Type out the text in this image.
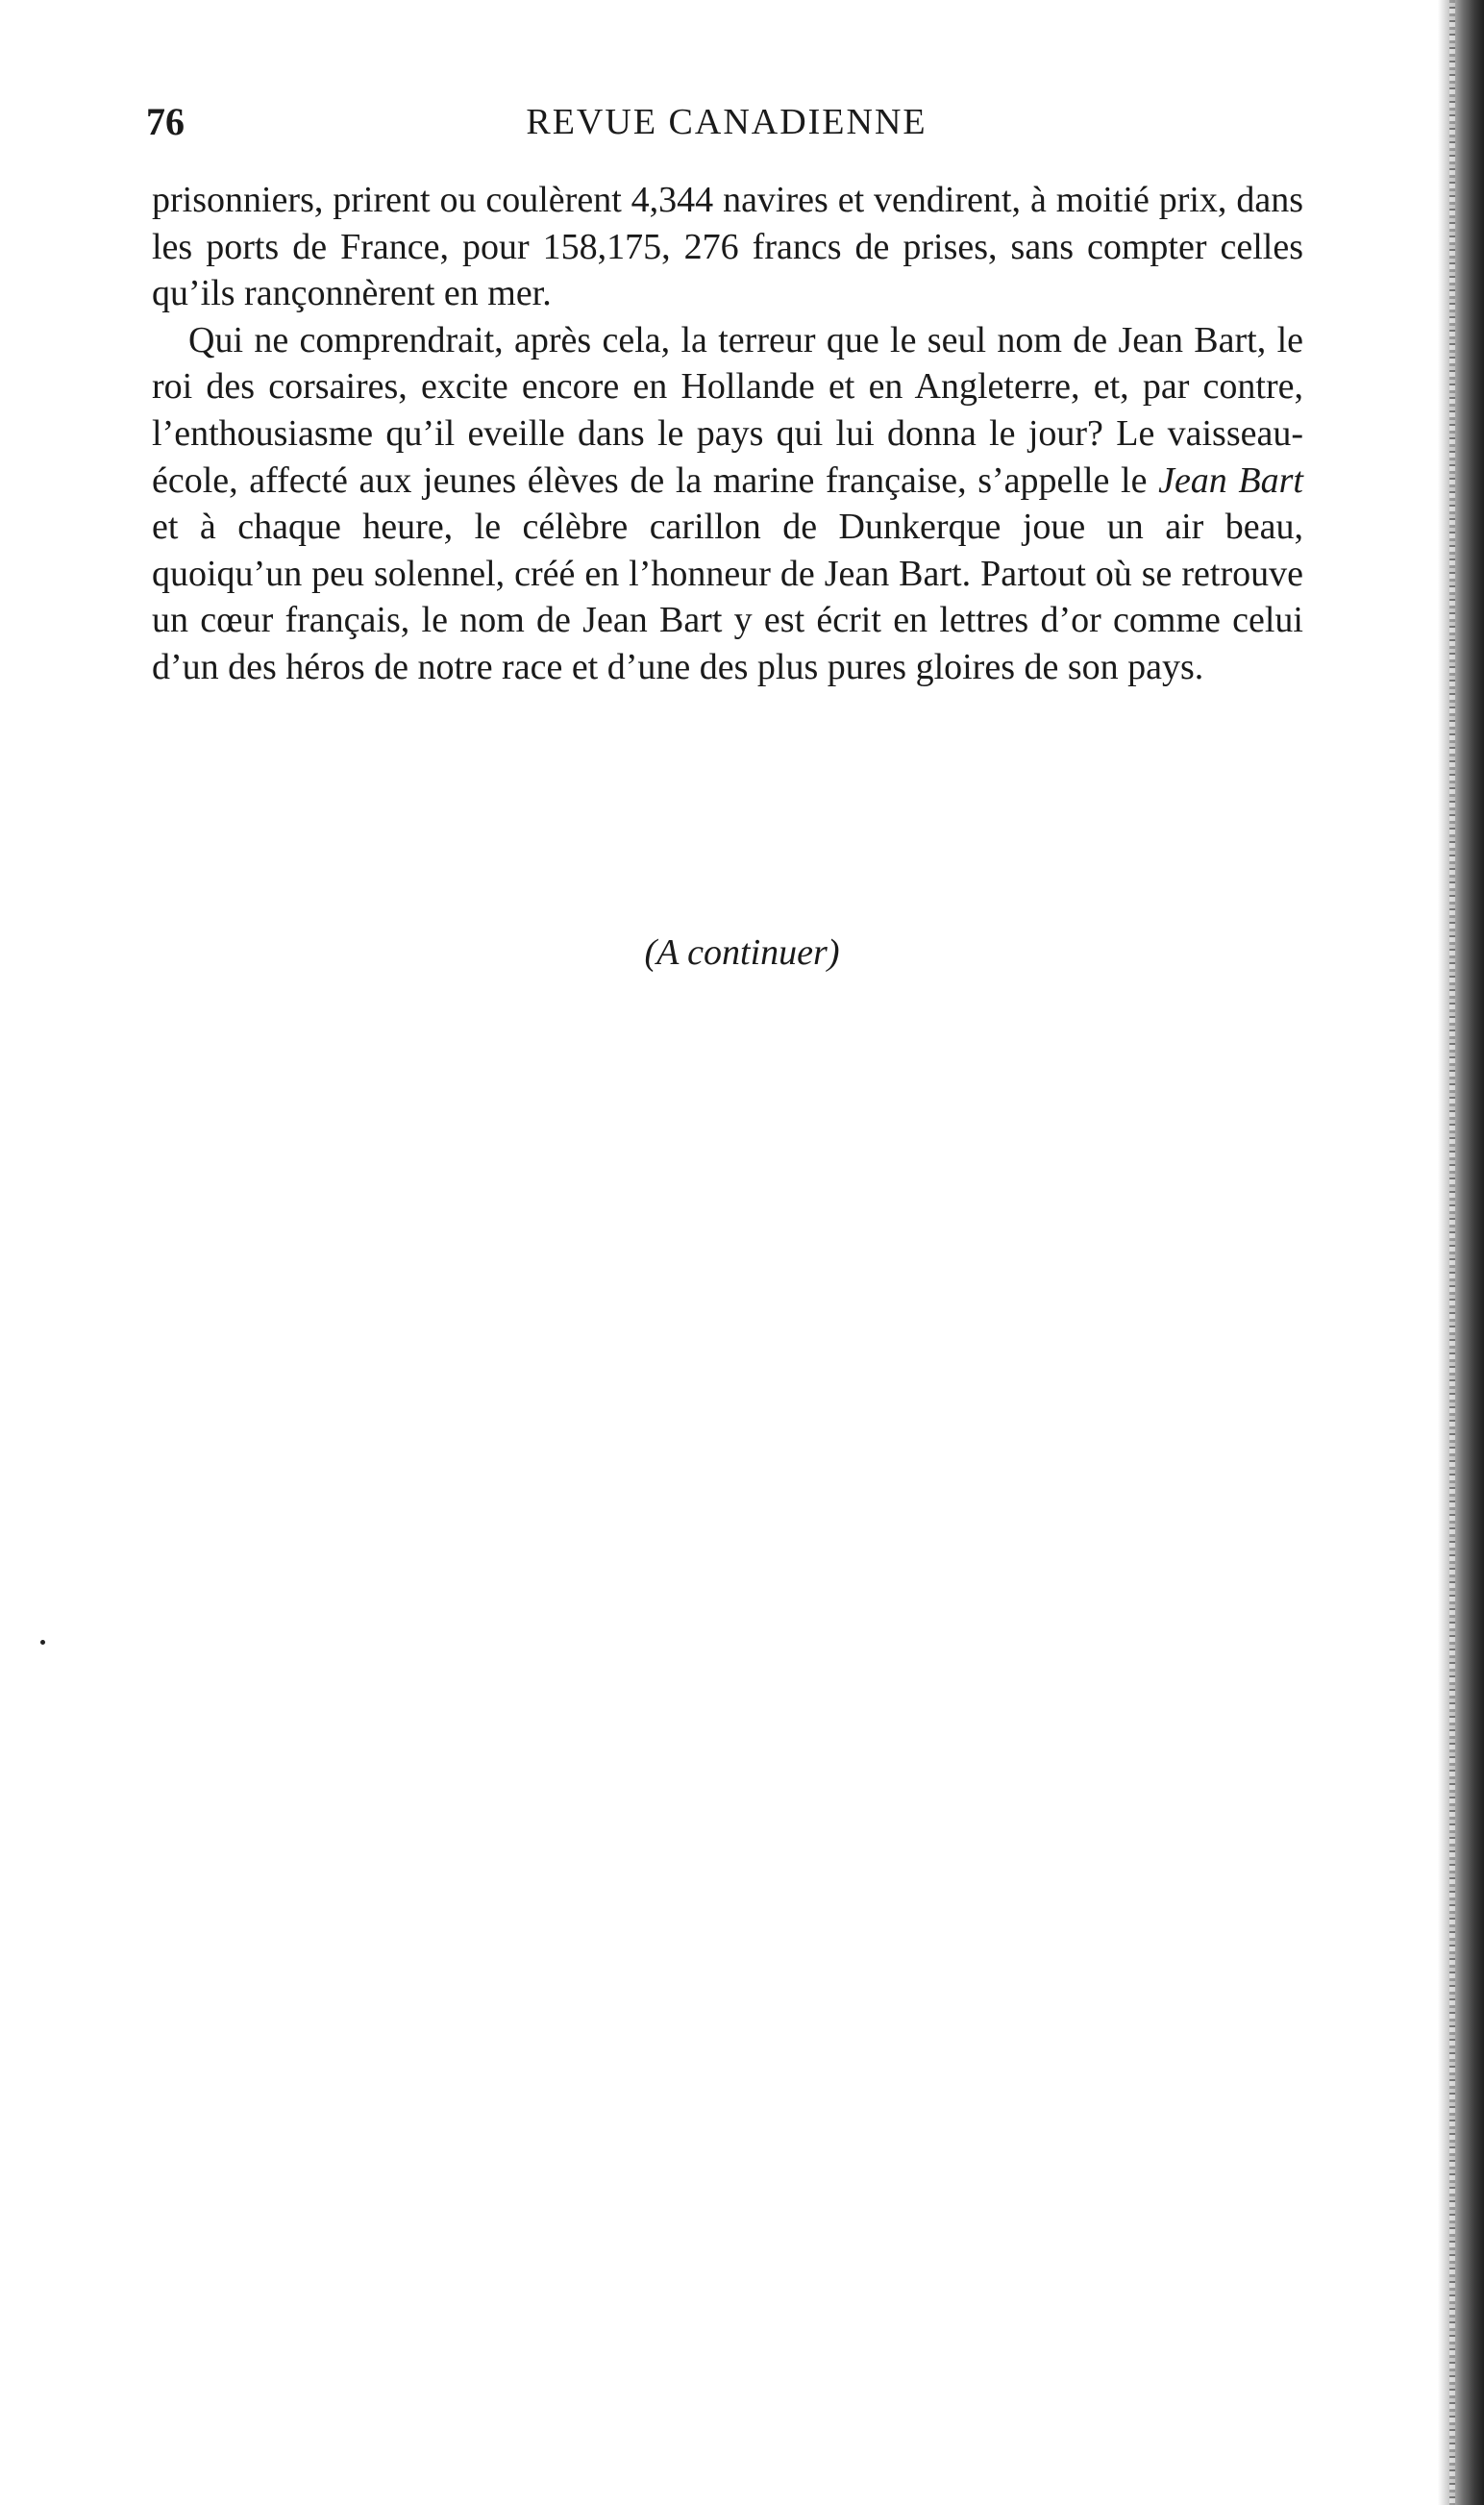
76	REVUE CANADIENNE

prisonniers, prirent ou coulèrent 4,344 navires et vendirent, à moitié prix, dans les ports de France, pour 158,175, 276 francs de prises, sans compter celles qu’ils rançonnèrent en mer.

Qui ne comprendrait, après cela, la terreur que le seul nom de Jean Bart, le roi des corsaires, excite encore en Hollande et en Angleterre, et, par contre, l’enthousiasme qu’il eveille dans le pays qui lui donna le jour? Le vaisseau-école, affecté aux jeunes élèves de la marine française, s’appelle le Jean Bart et à chaque heure, le célèbre carillon de Dunkerque joue un air beau, quoiqu’un peu solennel, créé en l’honneur de Jean Bart. Partout où se retrouve un cœur français, le nom de Jean Bart y est écrit en lettres d’or comme celui d’un des héros de notre race et d’une des plus pures gloires de son pays.

(A continuer)
